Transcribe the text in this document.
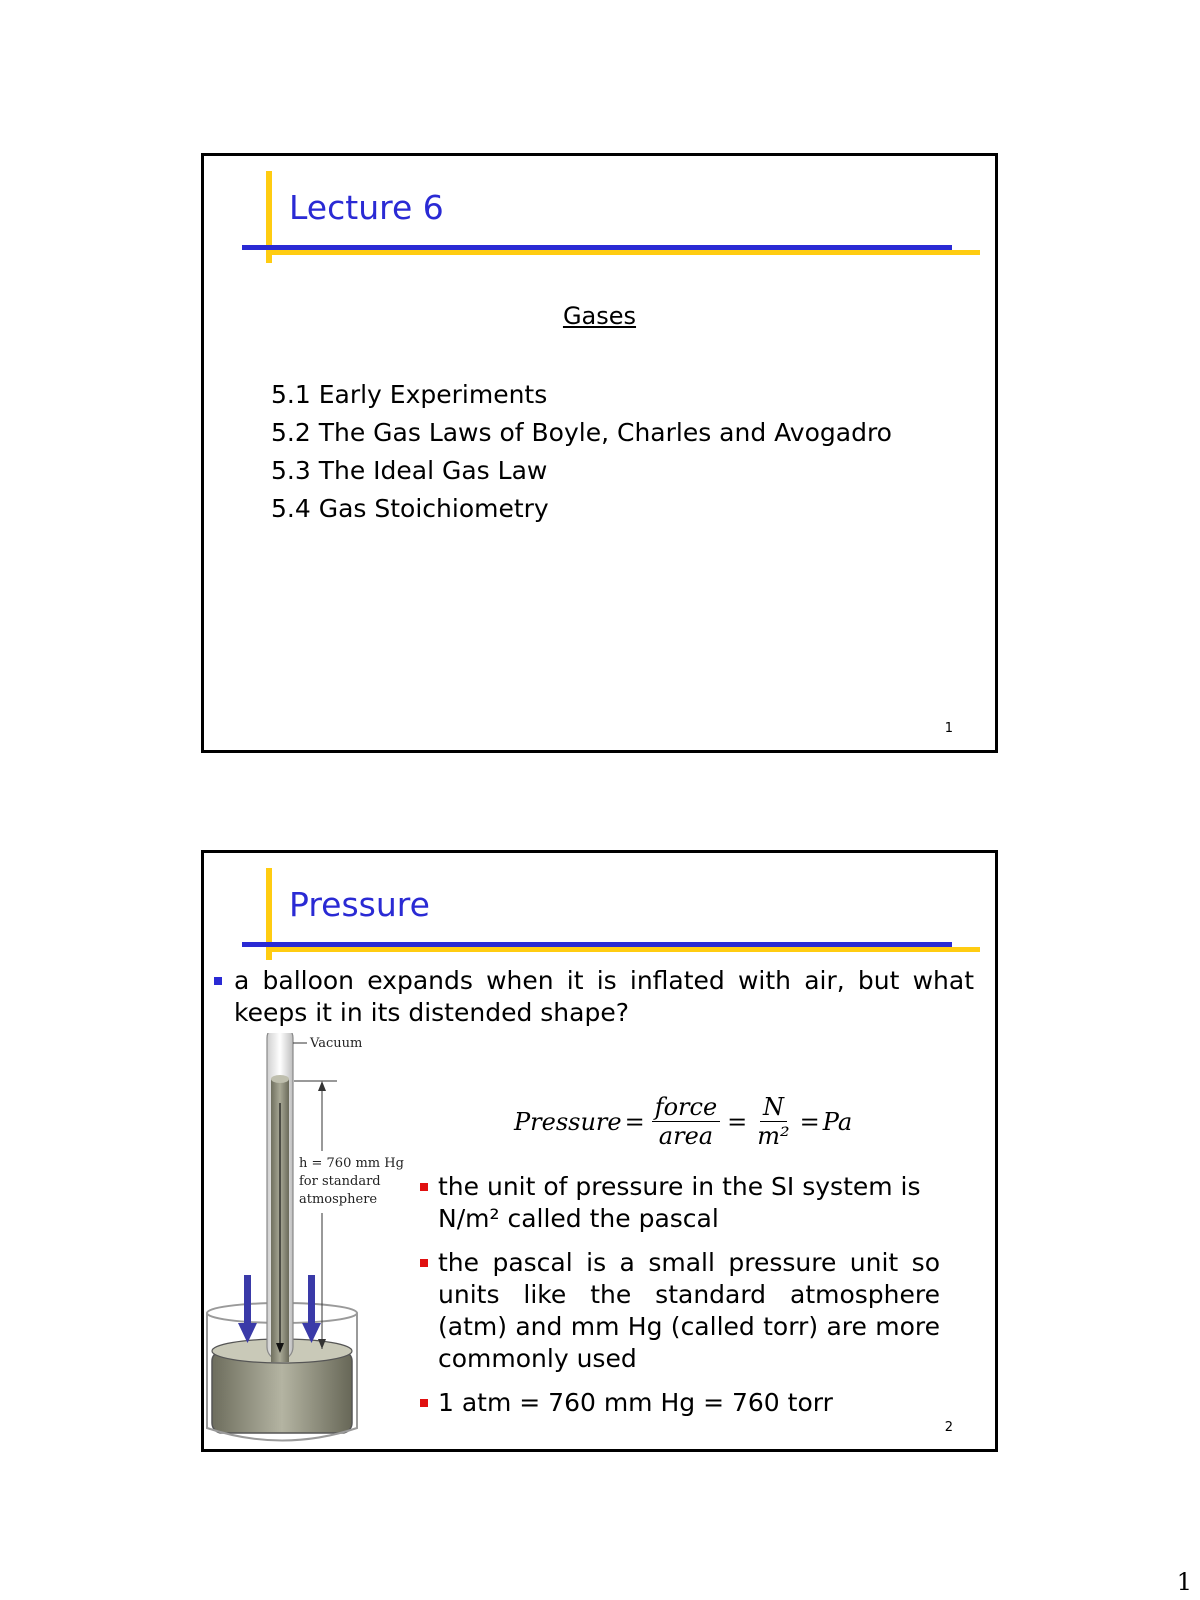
Lecture 6
Gases
5.1 Early Experiments
5.2 The Gas Laws of Boyle, Charles and Avogadro
5.3 The Ideal Gas Law
5.4 Gas Stoichiometry
1
Pressure
a balloon expands when it is inflated with air, but what keeps it in its distended shape?
Vacuum
h = 760 mm Hg
for standard
atmosphere
Pressure = $\frac{\text{force}}{\text{area}} = \frac{N}{\text{m²}} = Pa$
the unit of pressure in the SI system is N/m² called the pascal
the pascal is a small pressure unit so units like the standard atmosphere (atm) and mm Hg (called torr) are more commonly used
1 atm = 760 mm Hg = 760 torr
2
1
